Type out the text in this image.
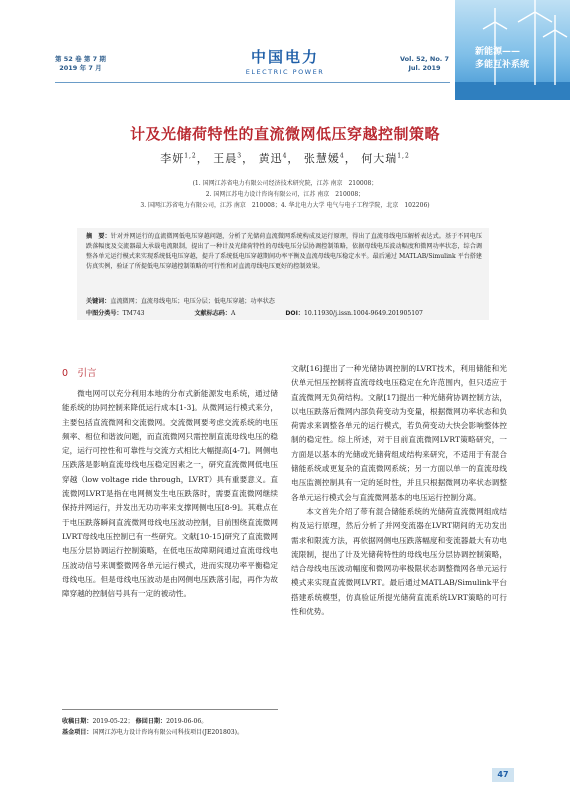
第 52 卷 第 7 期
2019 年 7 月
中国电力
ELECTRIC POWER
Vol. 52, No. 7
Jul. 2019
新能源——
多能互补系统
计及光储荷特性的直流微网低压穿越控制策略
李妍$^{1,2}$， 王晨$^3$， 黄迅$^4$， 张慧媛$^4$， 何大瑞$^{1,2}$
(1. 国网江苏省电力有限公司经济技术研究院，江苏 南京　210008；
2. 国网江苏电力设计咨询有限公司，江苏 南京　210008；
3. 国网江苏省电力有限公司，江苏 南京　210008；4. 华北电力大学 电气与电子工程学院，北京　102206)
摘　要：针对并网运行的直流微网低电压穿越问题，分析了光储荷直流微网系统构成及运行原理，得出了直流母线电压解析表达式。基于不同电压跌落幅度及交流器最大承载电流限制，提出了一种计及光储荷特性的母线电压分层协调控制策略，依据母线电压波动幅度和微网功率状态，综合调整各单元运行模式来实现系统低电压穿越，提升了系统低电压穿越期间功率平衡及直流母线电压稳定水平。最后通过 MATLAB/Simulink 平台搭建仿真实例，验证了所提低电压穿越控制策略的可行性和对直流母线电压更好的控制效果。
关键词：直流微网；直流母线电压；电压分层；低电压穿越；功率状态
中图分类号：TM743	文献标志码：A	DOI：10.11930/j.issn.1004-9649.201905107
0　引言

微电网可以充分利用本地的分布式新能源发电系统，通过储能系统的协同控制来降低运行成本[1-3]。从微网运行模式来分，主要包括直流微网和交流微网。交流微网要考虑交流系统的电压频率、相位和谐波问题，而直流微网只需控制直流母线电压的稳定，运行可控性和可靠性与交流方式相比大幅提高[4-7]。网侧电压跌落是影响直流母线电压稳定因素之一，研究直流微网低电压穿越（low voltage ride through，LVRT）具有重要意义。直流微网LVRT是指在电网侧发生电压跌落时，需要直流微网继续保持并网运行，并发出无功功率来支撑网侧电压[8-9]。其难点在于电压跌落瞬间直流微网母线电压波动控制，目前围绕直流微网LVRT母线电压控制已有一些研究。文献[10-15]研究了直流微网电压分层协调运行控制策略，在低电压故障期间通过直流母线电压波动信号来调整微网各单元运行模式，进而实现功率平衡稳定母线电压。但是母线电压波动是由网侧电压跌落引起，再作为故障穿越的控制信号具有一定的被动性。

文献[16]提出了一种光储协调控制的LVRT技术，利用储能和光伏单元恒压控制将直流母线电压稳定在允许范围内，但只适应于直流微网无负荷结构。文献[17]提出一种光储荷协调控制方法，以电压跌落后微网内部负荷变动为变量，根据微网功率状态和负荷需求来调整各单元的运行模式，若负荷变动大快会影响整体控制的稳定性。综上所述，对于目前直流微网LVRT策略研究，一方面是以基本的光储或光储荷组成结构来研究，不适用于有混合储能系统或更复杂的直流微网系统；另一方面以单一的直流母线电压监测控制具有一定的延时性，并且只根据微网功率状态调整各单元运行模式会与直流微网基本的电压运行控制分离。

本文首先介绍了带有混合储能系统的光储荷直流微网组成结构及运行原理，然后分析了并网变流器在LVRT期间的无功发出需求和限流方法，再依据网侧电压跌落幅度和变流器最大有功电流限制，提出了计及光储荷特性的母线电压分层协调控制策略，结合母线电压波动幅度和微网功率极限状态调整微网各单元运行模式来实现直流微网LVRT。最后通过MATLAB/Simulink平台搭建系统模型，仿真验证所提光储荷直流系统LVRT策略的可行性和优势。

收稿日期：2019-05-22； 修回日期：2019-06-06。
基金项目：国网江苏电力设计咨询有限公司科技项目(JE201803)。
47
